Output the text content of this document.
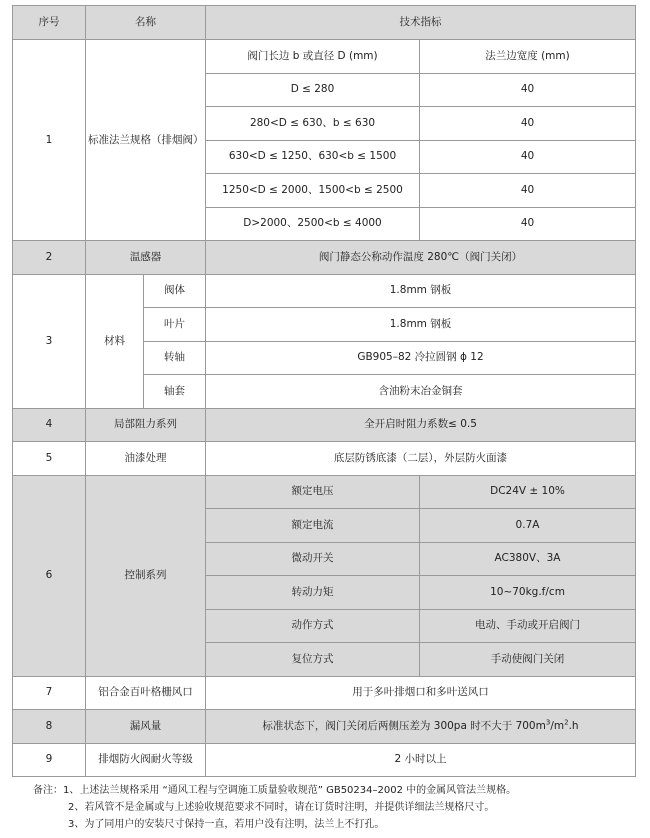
序号	名称		技术指标	
1	标准法兰规格（排烟阀）		阀门长边 b 或直径 D (mm)	法兰边宽度 (mm)
			D ≤ 280	40
			280<D ≤ 630、b ≤ 630	40
			630<D ≤ 1250、630<b ≤ 1500	40
			1250<D ≤ 2000、1500<b ≤ 2500	40
			D>2000、2500<b ≤ 4000	40
2	温感器		阀门静态公称动作温度 280℃（阀门关闭）	
3	材料	阀体	1.8mm 钢板	
		叶片	1.8mm 钢板	
		转轴	GB905–82 冷拉圆钢 ϕ 12	
		轴套	含油粉末冶金铜套	
4	局部阻力系列		全开启时阻力系数≤ 0.5	
5	油漆处理		底层防锈底漆（二层），外层防火面漆	
6	控制系列		额定电压	DC24V ± 10%
			额定电流	0.7A
			微动开关	AC380V、3A
			转动力矩	10~70kg.f/cm
			动作方式	电动、手动或开启阀门
			复位方式	手动使阀门关闭
7	铝合金百叶格栅风口		用于多叶排烟口和多叶送风口	
8	漏风量		标准状态下，阀门关闭后两侧压差为 300pa 时不大于 $700m^3/m^2.h$	
9	排烟防火阀耐火等级		2 小时以上	
备注：1、上述法兰规格采用 “通风工程与空调施工质量验收规范” GB50234–2002 中的金属风管法兰规格。
2、若风管不是金属或与上述验收规范要求不同时，请在订货时注明，并提供详细法兰规格尺寸。
3、为了同用户的安装尺寸保持一直，若用户没有注明，法兰上不打孔。
